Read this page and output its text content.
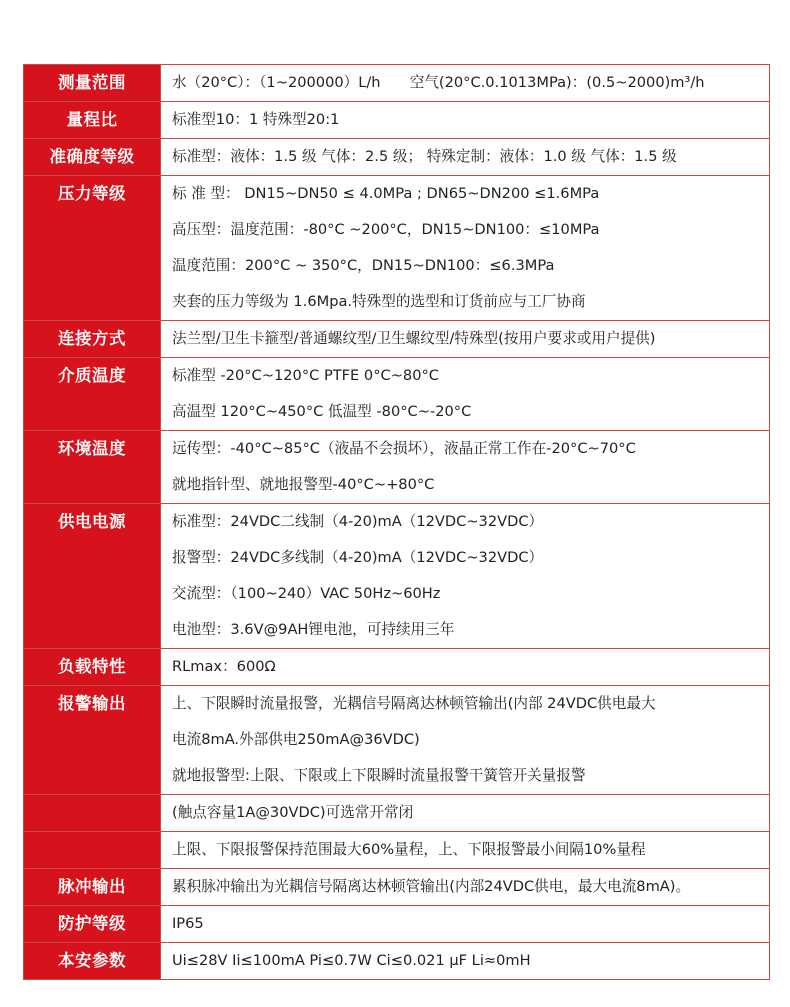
测量范围	水（20°C）：（1~200000）L/h　　空气(20°C.0.1013MPa)：(0.5~2000)m³/h

量程比	标准型10：1 特殊型20:1

准确度等级	标准型：液体：1.5 级 气体：2.5 级； 特殊定制：液体：1.0 级 气体：1.5 级

压力等级	标 准 型： DN15~DN50 ≤ 4.0MPa ; DN65~DN200 ≤1.6MPa
高压型：温度范围：-80°C ~200°C，DN15~DN100：≤10MPa
温度范围：200°C ~ 350°C，DN15~DN100：≤6.3MPa
夹套的压力等级为 1.6Mpa.特殊型的选型和订货前应与工厂协商

连接方式	法兰型/卫生卡箍型/普通螺纹型/卫生螺纹型/特殊型(按用户要求或用户提供)

介质温度	标准型 -20°C~120°C PTFE 0°C~80°C
高温型 120°C~450°C 低温型 -80°C~-20°C

环境温度	远传型：-40°C~85°C（液晶不会损坏），液晶正常工作在-20°C~70°C
就地指针型、就地报警型-40°C~+80°C

供电电源	标准型：24VDC二线制（4-20)mA（12VDC~32VDC）
报警型：24VDC多线制（4-20)mA（12VDC~32VDC）
交流型：（100~240）VAC 50Hz~60Hz
电池型：3.6V@9AH锂电池，可持续用三年

负载特性	RLmax：600Ω

报警输出	上、下限瞬时流量报警，光耦信号隔离达林顿管输出(内部 24VDC供电最大
电流8mA.外部供电250mA@36VDC)
就地报警型:上限、下限或上下限瞬时流量报警干簧管开关量报警

	(触点容量1A@30VDC)可选常开常闭

	上限、下限报警保持范围最大60%量程，上、下限报警最小间隔10%量程

脉冲输出	累积脉冲输出为光耦信号隔离达林顿管输出(内部24VDC供电，最大电流8mA)。

防护等级	IP65

本安参数	Ui≤28V Ii≤100mA Pi≤0.7W Ci≤0.021 μF Li≈0mH
